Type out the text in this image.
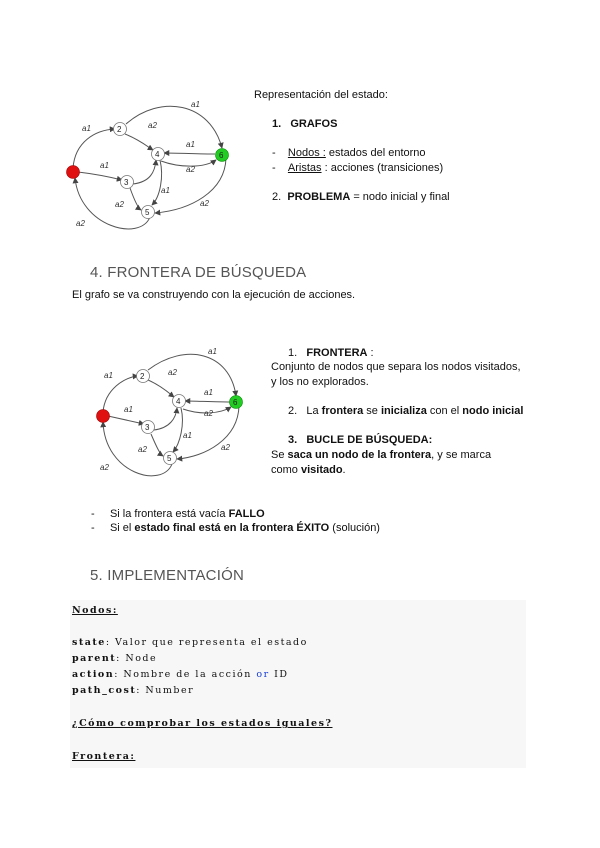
2
3
4
5
6
a1
a1
a2
a1
a1
a2
a1
a2	a2
a2
Representación del estado:
1. GRAFOS
- Nodos : estados del entorno
- Aristas : acciones (transiciones)
2. PROBLEMA = nodo inicial y final
4. FRONTERA DE BÚSQUEDA
El grafo se va construyendo con la ejecución de acciones.
2
3
4
5
6
a1
a1
a2
a1
a1
a2
a1
a2	a2
a2
1. FRONTERA :
Conjunto de nodos que separa los nodos visitados,
y los no explorados.
2. La frontera se inicializa con el nodo inicial
3. BUCLE DE BÚSQUEDA:
Se saca un nodo de la frontera, y se marca
como visitado.
-     Si la frontera está vacía FALLO
-     Si el estado final está en la frontera ÉXITO (solución)
5. IMPLEMENTACIÓN
Nodos:
state: Valor que representa el estado
parent: Node
action: Nombre de la acción or ID
path_cost: Number
¿Cómo comprobar los estados iguales?
Frontera:
